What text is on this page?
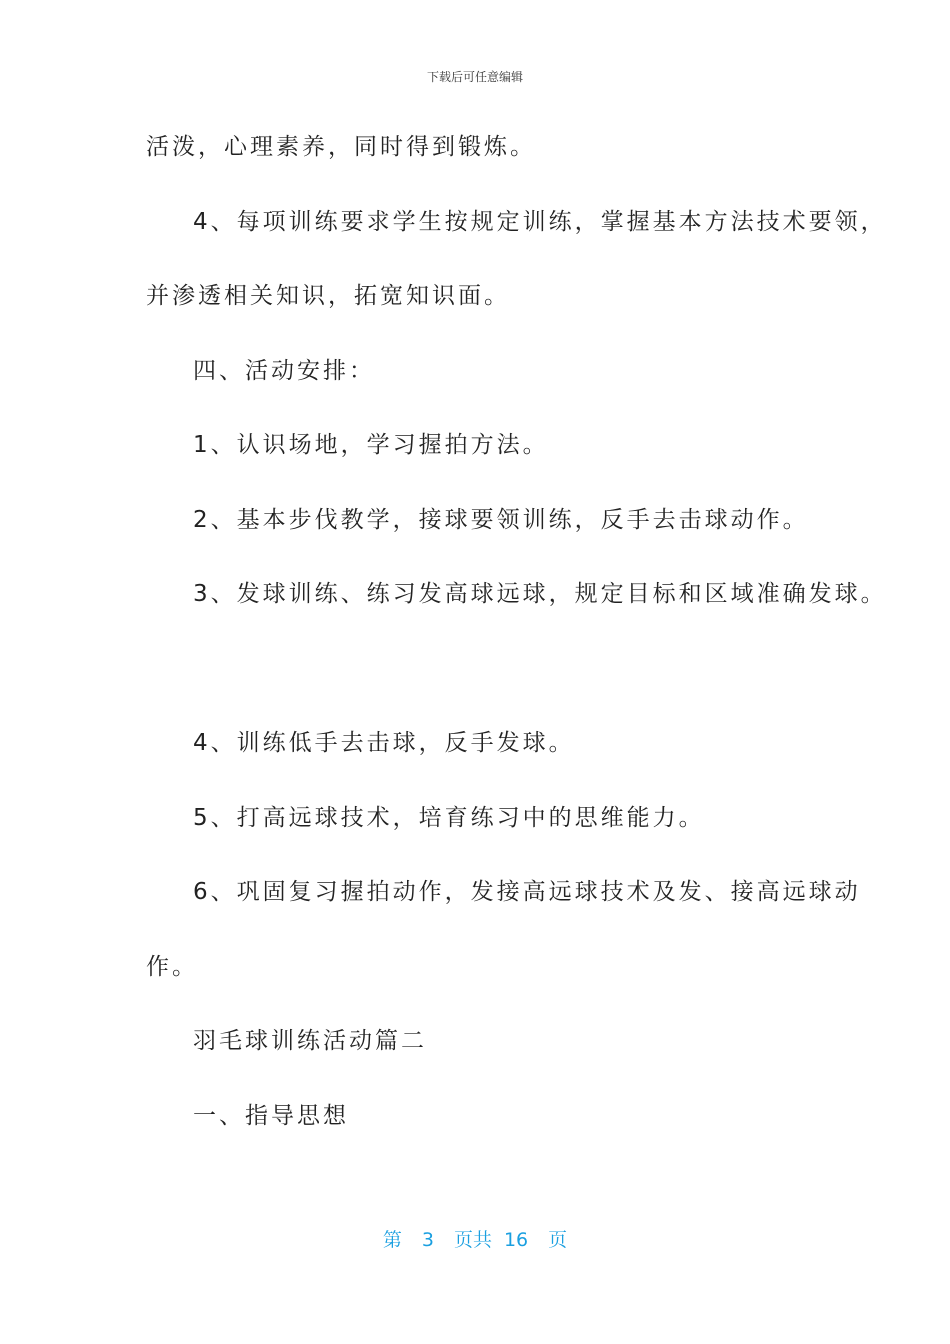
下载后可任意编辑
活泼，心理素养，同时得到锻炼。
4、每项训练要求学生按规定训练，掌握基本方法技术要领，
并渗透相关知识，拓宽知识面。
四、活动安排：
1、认识场地，学习握拍方法。
2、基本步伐教学，接球要领训练，反手去击球动作。
3、发球训练、练习发高球远球，规定目标和区域准确发球。
4、训练低手去击球，反手发球。
5、打高远球技术，培育练习中的思维能力。
6、巩固复习握拍动作，发接高远球技术及发、接高远球动
作。
羽毛球训练活动篇二
一、指导思想
第 3 页共 16 页
